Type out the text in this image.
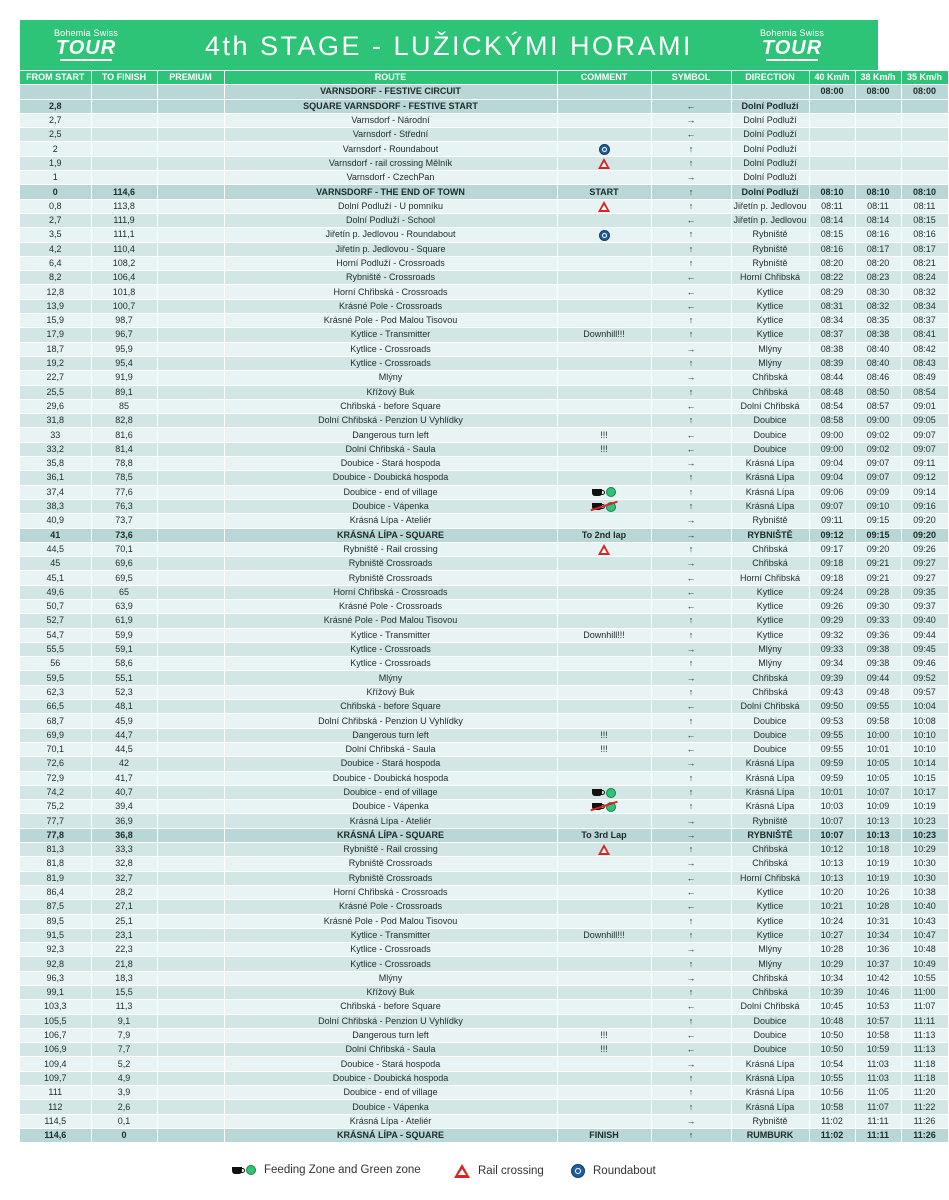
Bohemia Swiss
TOUR	4th STAGE - LUŽICKÝMI HORAMI	Bohemia Swiss
TOUR
FROM START	TO FINISH	PREMIUM	ROUTE	COMMENT	SYMBOL	DIRECTION	40 Km/h	38 Km/h	35 Km/h
			VARNSDORF - FESTIVE CIRCUIT				08:00	08:00	08:00
2,8			SQUARE VARNSDORF - FESTIVE START		←	Dolní Podluží			
2,7			Varnsdorf - Národní		→	Dolní Podluží			
2,5			Varnsdorf - Střední		←	Dolní Podluží			
2			Varnsdorf - Roundabout		↑	Dolní Podluží			
1,9			Varnsdorf - rail crossing Mělník		↑	Dolní Podluží			
1			Varnsdorf - CzechPan		→	Dolní Podluží			
0	114,6		VARNSDORF - THE END OF TOWN	START	↑	Dolní Podluží	08:10	08:10	08:10
0,8	113,8		Dolní Podluží - U pomníku		↑	Jiřetín p. Jedlovou	08:11	08:11	08:11
2,7	111,9		Dolní Podluží - School		←	Jiřetín p. Jedlovou	08:14	08:14	08:15
3,5	111,1		Jiřetín p. Jedlovou - Roundabout		↑	Rybniště	08:15	08:16	08:16
4,2	110,4		Jiřetín p. Jedlovou - Square		↑	Rybniště	08:16	08:17	08:17
6,4	108,2		Horní Podluží - Crossroads		↑	Rybniště	08:20	08:20	08:21
8,2	106,4		Rybniště - Crossroads		←	Horní Chřibská	08:22	08:23	08:24
12,8	101,8		Horní Chřibská - Crossroads		←	Kytlice	08:29	08:30	08:32
13,9	100,7		Krásné Pole - Crossroads		←	Kytlice	08:31	08:32	08:34
15,9	98,7		Krásné Pole - Pod Malou Tisovou		↑	Kytlice	08:34	08:35	08:37
17,9	96,7		Kytlice - Transmitter	Downhill!!!	↑	Kytlice	08:37	08:38	08:41
18,7	95,9		Kytlice - Crossroads		→	Mlýny	08:38	08:40	08:42
19,2	95,4		Kytlice - Crossroads		↑	Mlýny	08:39	08:40	08:43
22,7	91,9		Mlýny		→	Chřibská	08:44	08:46	08:49
25,5	89,1		Křížový Buk		↑	Chřibská	08:48	08:50	08:54
29,6	85		Chřibská - before Square		←	Dolní Chřibská	08:54	08:57	09:01
31,8	82,8		Dolní Chřibská - Penzion U Vyhlídky		↑	Doubice	08:58	09:00	09:05
33	81,6		Dangerous turn left	!!!	←	Doubice	09:00	09:02	09:07
33,2	81,4		Dolní Chřibská - Saula	!!!	←	Doubice	09:00	09:02	09:07
35,8	78,8		Doubice - Stará hospoda		→	Krásná Lípa	09:04	09:07	09:11
36,1	78,5		Doubice - Doubická hospoda		↑	Krásná Lípa	09:04	09:07	09:12
37,4	77,6		Doubice - end of village		↑	Krásná Lípa	09:06	09:09	09:14
38,3	76,3		Doubice - Vápenka		↑	Krásná Lípa	09:07	09:10	09:16
40,9	73,7		Krásná Lípa - Ateliér		→	Rybniště	09:11	09:15	09:20
41	73,6		KRÁSNÁ LÍPA - SQUARE	To 2nd lap	→	RYBNIŠTĚ	09:12	09:15	09:20
44,5	70,1		Rybniště - Rail crossing		↑	Chřibská	09:17	09:20	09:26
45	69,6		Rybniště Crossroads		→	Chřibská	09:18	09:21	09:27
45,1	69,5		Rybniště Crossroads		←	Horní Chřibská	09:18	09:21	09:27
49,6	65		Horní Chřibská - Crossroads		←	Kytlice	09:24	09:28	09:35
50,7	63,9		Krásné Pole - Crossroads		←	Kytlice	09:26	09:30	09:37
52,7	61,9		Krásné Pole - Pod Malou Tisovou		↑	Kytlice	09:29	09:33	09:40
54,7	59,9		Kytlice - Transmitter	Downhill!!!	↑	Kytlice	09:32	09:36	09:44
55,5	59,1		Kytlice - Crossroads		→	Mlýny	09:33	09:38	09:45
56	58,6		Kytlice - Crossroads		↑	Mlýny	09:34	09:38	09:46
59,5	55,1		Mlýny		→	Chřibská	09:39	09:44	09:52
62,3	52,3		Křížový Buk		↑	Chřibská	09:43	09:48	09:57
66,5	48,1		Chřibská - before Square		←	Dolní Chřibská	09:50	09:55	10:04
68,7	45,9		Dolní Chřibská - Penzion U Vyhlídky		↑	Doubice	09:53	09:58	10:08
69,9	44,7		Dangerous turn left	!!!	←	Doubice	09:55	10:00	10:10
70,1	44,5		Dolní Chřibská - Saula	!!!	←	Doubice	09:55	10:01	10:10
72,6	42		Doubice - Stará hospoda		→	Krásná Lípa	09:59	10:05	10:14
72,9	41,7		Doubice - Doubická hospoda		↑	Krásná Lípa	09:59	10:05	10:15
74,2	40,7		Doubice - end of village		↑	Krásná Lípa	10:01	10:07	10:17
75,2	39,4		Doubice - Vápenka		↑	Krásná Lípa	10:03	10:09	10:19
77,7	36,9		Krásná Lípa - Ateliér		→	Rybniště	10:07	10:13	10:23
77,8	36,8		KRÁSNÁ LÍPA - SQUARE	To 3rd Lap	→	RYBNIŠTĚ	10:07	10:13	10:23
81,3	33,3		Rybniště - Rail crossing		↑	Chřibská	10:12	10:18	10:29
81,8	32,8		Rybniště Crossroads		→	Chřibská	10:13	10:19	10:30
81,9	32,7		Rybniště Crossroads		←	Horní Chřibská	10:13	10:19	10:30
86,4	28,2		Horní Chřibská - Crossroads		←	Kytlice	10:20	10:26	10:38
87,5	27,1		Krásné Pole - Crossroads		←	Kytlice	10:21	10:28	10:40
89,5	25,1		Krásné Pole - Pod Malou Tisovou		↑	Kytlice	10:24	10:31	10:43
91,5	23,1		Kytlice - Transmitter	Downhill!!!	↑	Kytlice	10:27	10:34	10:47
92,3	22,3		Kytlice - Crossroads		→	Mlýny	10:28	10:36	10:48
92,8	21,8		Kytlice - Crossroads		↑	Mlýny	10:29	10:37	10:49
96,3	18,3		Mlýny		→	Chřibská	10:34	10:42	10:55
99,1	15,5		Křížový Buk		↑	Chřibská	10:39	10:46	11:00
103,3	11,3		Chřibská - before Square		←	Dolní Chřibská	10:45	10:53	11:07
105,5	9,1		Dolní Chřibská - Penzion U Vyhlídky		↑	Doubice	10:48	10:57	11:11
106,7	7,9		Dangerous turn left	!!!	←	Doubice	10:50	10:58	11:13
106,9	7,7		Dolní Chřibská - Saula	!!!	←	Doubice	10:50	10:59	11:13
109,4	5,2		Doubice - Stará hospoda		→	Krásná Lípa	10:54	11:03	11:18
109,7	4,9		Doubice - Doubická hospoda		↑	Krásná Lípa	10:55	11:03	11:18
111	3,9		Doubice - end of village		↑	Krásná Lípa	10:56	11:05	11:20
112	2,6		Doubice - Vápenka		↑	Krásná Lípa	10:58	11:07	11:22
114,5	0,1		Krásná Lípa - Ateliér		→	Rybniště	11:02	11:11	11:26
114,6	0		KRÁSNÁ LÍPA - SQUARE	FINISH	↑	RUMBURK	11:02	11:11	11:26
Feeding Zone and Green zone	Rail crossing	Roundabout
